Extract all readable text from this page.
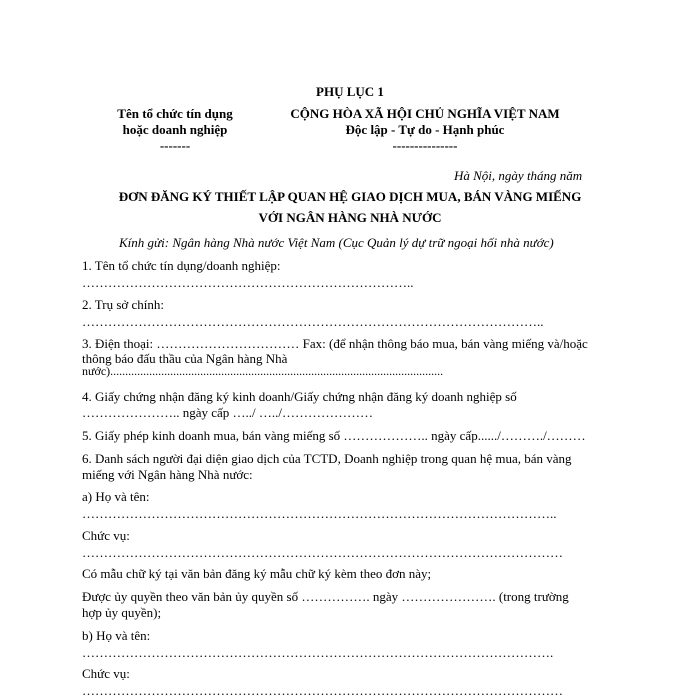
PHỤ LỤC 1
Tên tổ chức tín dụng
hoặc doanh nghiệp
-------
CỘNG HÒA XÃ HỘI CHỦ NGHĨA VIỆT NAM
Độc lập - Tự do - Hạnh phúc
---------------
Hà Nội, ngày tháng năm
ĐƠN ĐĂNG KÝ THIẾT LẬP QUAN HỆ GIAO DỊCH MUA, BÁN VÀNG MIẾNG
VỚI NGÂN HÀNG NHÀ NƯỚC
Kính gửi: Ngân hàng Nhà nước Việt Nam (Cục Quản lý dự trữ ngoại hối nhà nước)
1. Tên tổ chức tín dụng/doanh nghiệp:
…………………………………………………………………..
2. Trụ sở chính:
……………………………………………………………………………………………..
3. Điện thoại: …………………………… Fax: (để nhận thông báo mua, bán vàng miếng và/hoặc
thông báo đấu thầu của Ngân hàng Nhà
nước)...............................................................................................................
4. Giấy chứng nhận đăng ký kinh doanh/Giấy chứng nhận đăng ký doanh nghiệp số
………………….. ngày cấp …../ …../…………………
5. Giấy phép kinh doanh mua, bán vàng miếng số ……………….. ngày cấp....../………./………
6. Danh sách người đại diện giao dịch của TCTD, Doanh nghiệp trong quan hệ mua, bán vàng
miếng với Ngân hàng Nhà nước:
a) Họ và tên:
………………………………………………………………………………………………..
Chức vụ:
…………………………………………………………………………………………………
Có mẫu chữ ký tại văn bản đăng ký mẫu chữ ký kèm theo đơn này;
Được ủy quyền theo văn bản ủy quyền số ……………. ngày …………………. (trong trường
hợp ủy quyền);
b) Họ và tên:
……………………………………………………………………………………………….
Chức vụ:
…………………………………………………………………………………………………
